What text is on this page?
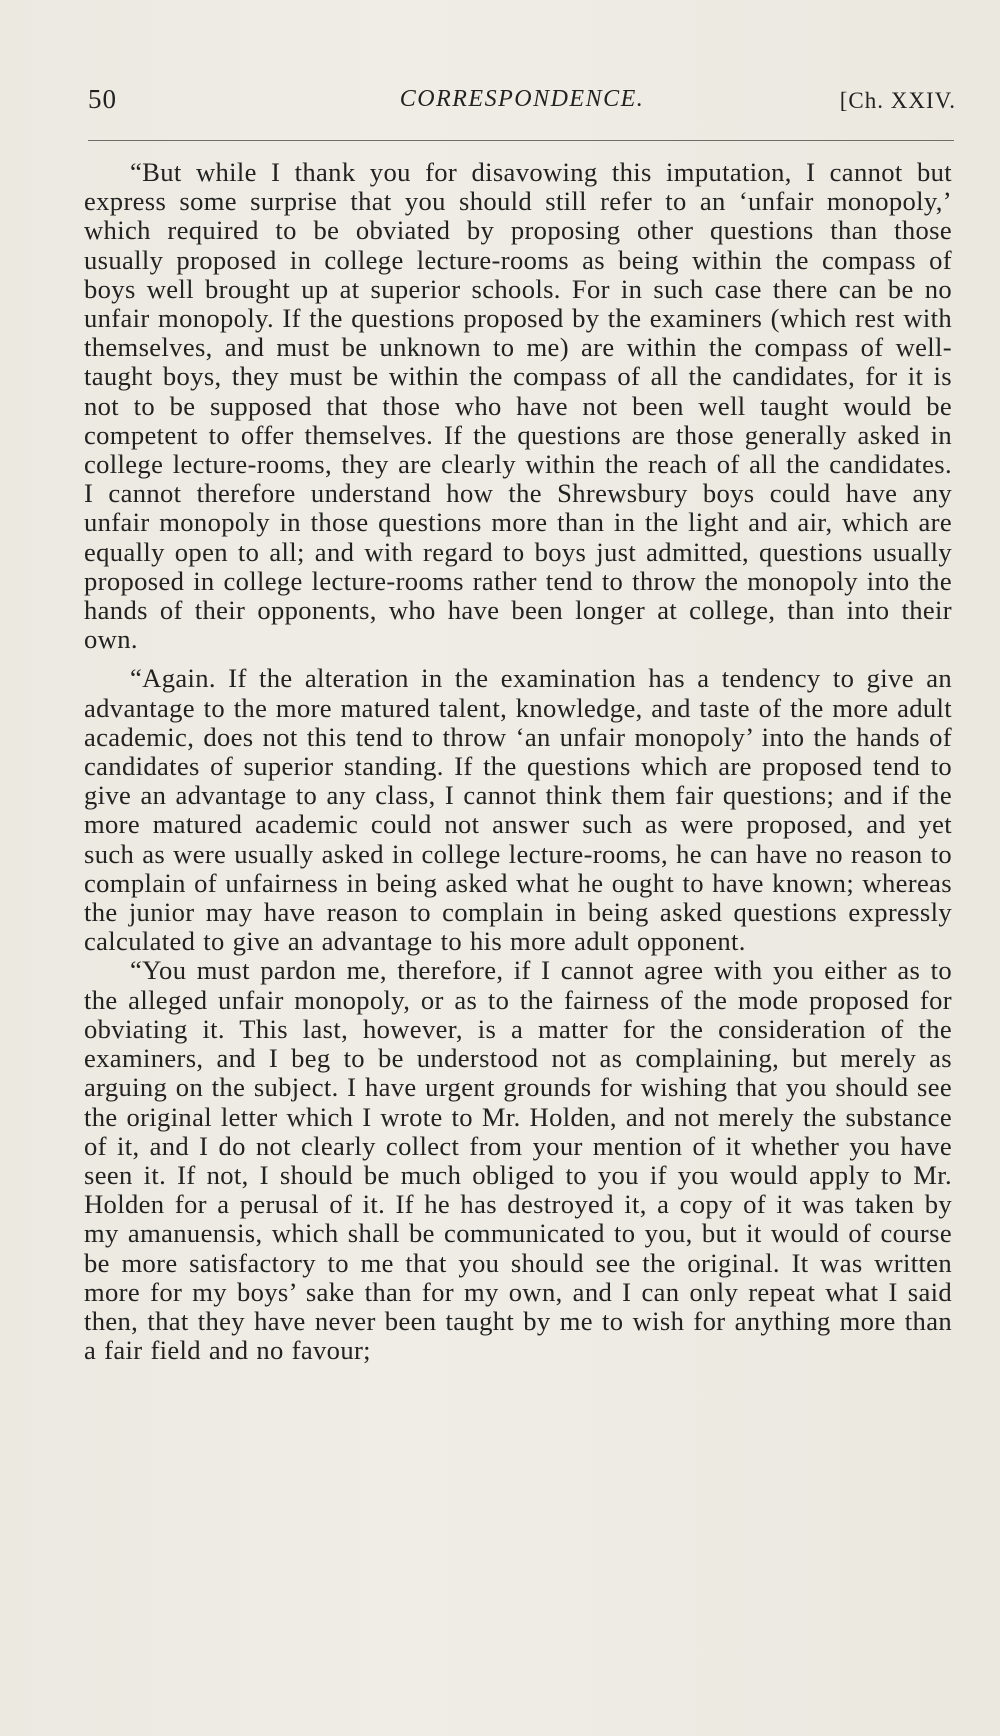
50	CORRESPONDENCE.	[Ch. XXIV.

“But while I thank you for disavowing this imputation, I cannot but express some surprise that you should still refer to an ‘unfair monopoly,’ which required to be obviated by proposing other questions than those usually proposed in college lecture-rooms as being within the compass of boys well brought up at superior schools. For in such case there can be no unfair monopoly. If the questions proposed by the examiners (which rest with themselves, and must be unknown to me) are within the compass of well-taught boys, they must be within the compass of all the candidates, for it is not to be supposed that those who have not been well taught would be competent to offer themselves. If the questions are those generally asked in college lecture-rooms, they are clearly within the reach of all the candidates. I cannot therefore understand how the Shrewsbury boys could have any unfair monopoly in those questions more than in the light and air, which are equally open to all; and with regard to boys just admitted, questions usually proposed in college lecture-rooms rather tend to throw the monopoly into the hands of their opponents, who have been longer at college, than into their own.

“Again. If the alteration in the examination has a tendency to give an advantage to the more matured talent, knowledge, and taste of the more adult academic, does not this tend to throw ‘an unfair monopoly’ into the hands of candidates of superior standing. If the questions which are proposed tend to give an advantage to any class, I cannot think them fair questions; and if the more matured academic could not answer such as were proposed, and yet such as were usually asked in college lecture-rooms, he can have no reason to complain of unfairness in being asked what he ought to have known; whereas the junior may have reason to complain in being asked questions expressly calculated to give an advantage to his more adult opponent.

“You must pardon me, therefore, if I cannot agree with you either as to the alleged unfair monopoly, or as to the fairness of the mode proposed for obviating it. This last, however, is a matter for the consideration of the examiners, and I beg to be understood not as complaining, but merely as arguing on the subject. I have urgent grounds for wishing that you should see the original letter which I wrote to Mr. Holden, and not merely the substance of it, and I do not clearly collect from your mention of it whether you have seen it. If not, I should be much obliged to you if you would apply to Mr. Holden for a perusal of it. If he has destroyed it, a copy of it was taken by my amanuensis, which shall be communicated to you, but it would of course be more satisfactory to me that you should see the original. It was written more for my boys’ sake than for my own, and I can only repeat what I said then, that they have never been taught by me to wish for anything more than a fair field and no favour;
